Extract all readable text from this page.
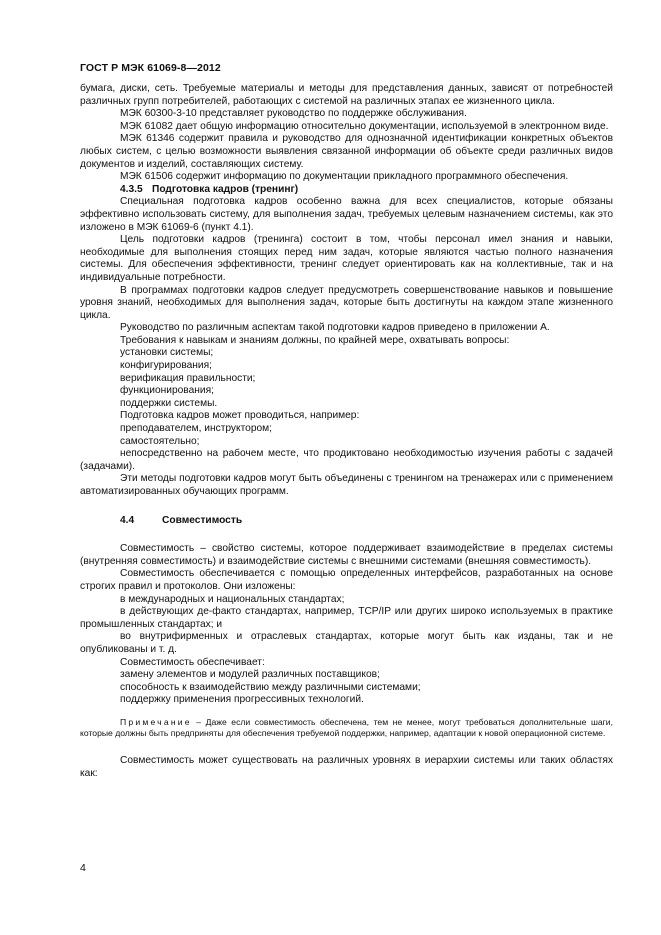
ГОСТ Р МЭК 61069-8—2012

бумага, диски, сеть. Требуемые материалы и методы для представления данных, зависят от потребностей различных групп потребителей, работающих с системой на различных этапах ее жизненного цикла.

МЭК 60300-3-10 представляет руководство по поддержке обслуживания.

МЭК 61082 дает общую информацию относительно документации, используемой в электронном виде.

МЭК 61346 содержит правила и руководство для однозначной идентификации конкретных объектов любых систем, с целью возможности выявления связанной информации об объекте среди различных видов документов и изделий, составляющих систему.

МЭК 61506 содержит информацию по документации прикладного программного обеспечения.

4.3.5 Подготовка кадров (тренинг)

Специальная подготовка кадров особенно важна для всех специалистов, которые обязаны эффективно использовать систему, для выполнения задач, требуемых целевым назначением системы, как это изложено в МЭК 61069-6 (пункт 4.1).

Цель подготовки кадров (тренинга) состоит в том, чтобы персонал имел знания и навыки, необходимые для выполнения стоящих перед ним задач, которые являются частью полного назначения системы. Для обеспечения эффективности, тренинг следует ориентировать как на коллективные, так и на индивидуальные потребности.

В программах подготовки кадров следует предусмотреть совершенствование навыков и повышение уровня знаний, необходимых для выполнения задач, которые быть достигнуты на каждом этапе жизненного цикла.

Руководство по различным аспектам такой подготовки кадров приведено в приложении А.

Требования к навыкам и знаниям должны, по крайней мере, охватывать вопросы:

установки системы;

конфигурирования;

верификация правильности;

функционирования;

поддержки системы.

Подготовка кадров может проводиться, например:

преподавателем, инструктором;

самостоятельно;

непосредственно на рабочем месте, что продиктовано необходимостью изучения работы с задачей (задачами).

Эти методы подготовки кадров могут быть объединены с тренингом на тренажерах или с применением автоматизированных обучающих программ.

4.4	Совместимость

Совместимость – свойство системы, которое поддерживает взаимодействие в пределах системы (внутренняя совместимость) и взаимодействие системы с внешними системами (внешняя совместимость).

Совместимость обеспечивается с помощью определенных интерфейсов, разработанных на основе строгих правил и протоколов. Они изложены:

в международных и национальных стандартах;

в действующих де-факто стандартах, например, TCP/IP или других широко используемых в практике промышленных стандартах; и

во внутрифирменных и отраслевых стандартах, которые могут быть как изданы, так и не опубликованы и т. д.

Совместимость обеспечивает:

замену элементов и модулей различных поставщиков;

способность к взаимодействию между различными системами;

поддержку применения прогрессивных технологий.

Примечание – Даже если совместимость обеспечена, тем не менее, могут требоваться дополнительные шаги, которые должны быть предприняты для обеспечения требуемой поддержки, например, адаптации к новой операционной системе.

Совместимость может существовать на различных уровнях в иерархии системы или таких областях как:

4
